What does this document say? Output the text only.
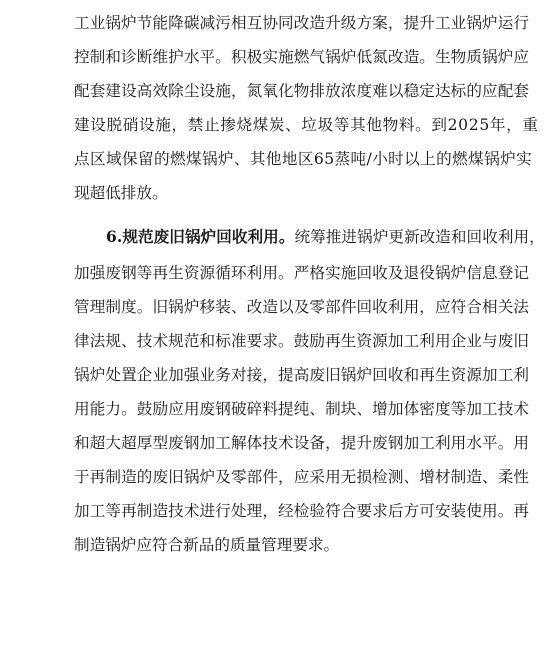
工业锅炉节能降碳减污相互协同改造升级方案，提升工业锅炉运行
控制和诊断维护水平。积极实施燃气锅炉低氮改造。生物质锅炉应
配套建设高效除尘设施，氮氧化物排放浓度难以稳定达标的应配套
建设脱硝设施，禁止掺烧煤炭、垃圾等其他物料。到2025年，重
点区域保留的燃煤锅炉、其他地区65蒸吨/小时以上的燃煤锅炉实
现超低排放。
6.规范废旧锅炉回收利用。统筹推进锅炉更新改造和回收利用，
加强废钢等再生资源循环利用。严格实施回收及退役锅炉信息登记
管理制度。旧锅炉移装、改造以及零部件回收利用，应符合相关法
律法规、技术规范和标准要求。鼓励再生资源加工利用企业与废旧
锅炉处置企业加强业务对接，提高废旧锅炉回收和再生资源加工利
用能力。鼓励应用废钢破碎料提纯、制块、增加体密度等加工技术
和超大超厚型废钢加工解体技术设备，提升废钢加工利用水平。用
于再制造的废旧锅炉及零部件，应采用无损检测、增材制造、柔性
加工等再制造技术进行处理，经检验符合要求后方可安装使用。再
制造锅炉应符合新品的质量管理要求。
